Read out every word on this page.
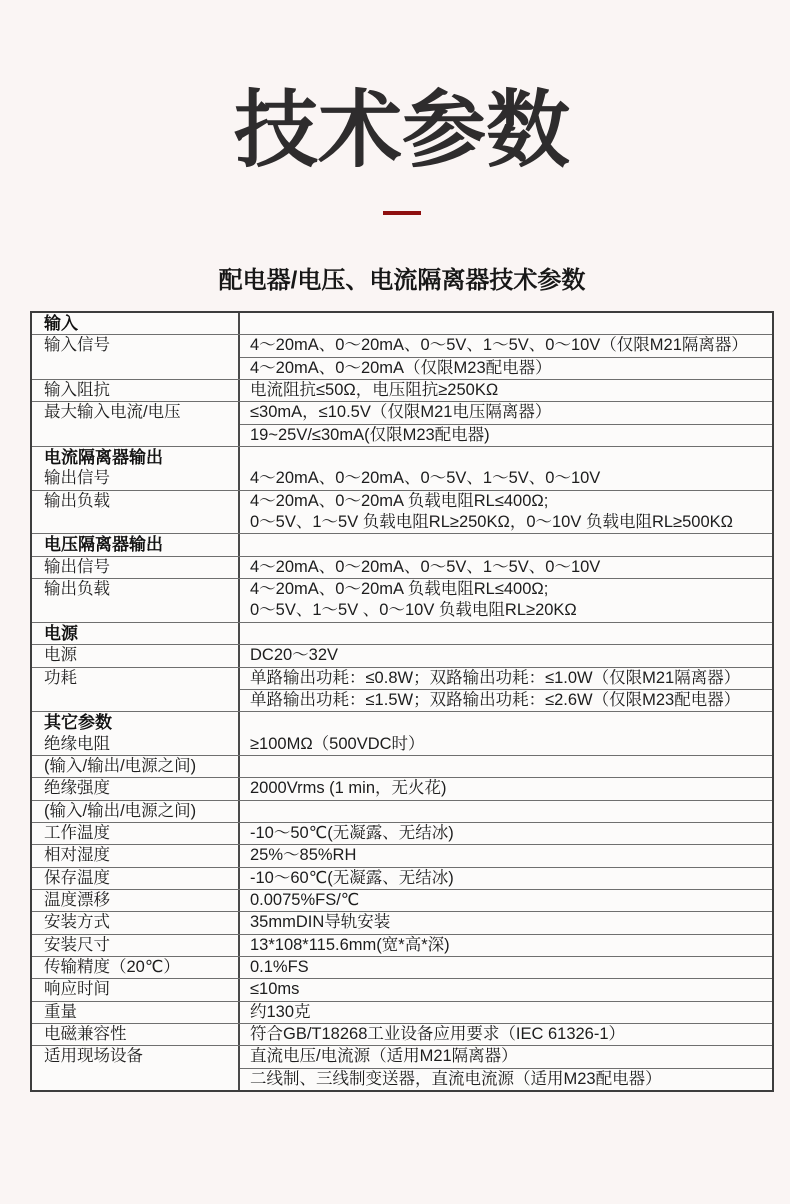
技术参数
配电器/电压、电流隔离器技术参数
输入
输入信号	4～20mA、0～20mA、0～5V、1～5V、0～10V（仅限M21隔离器）
4～20mA、0～20mA（仅限M23配电器）
输入阻抗	电流阻抗≤50Ω，电压阻抗≥250KΩ
最大输入电流/电压	≤30mA，≤10.5V（仅限M21电压隔离器）
19~25V/≤30mA(仅限M23配电器)
电流隔离器输出
输出信号	4～20mA、0～20mA、0～5V、1～5V、0～10V
输出负载	4～20mA、0～20mA 负载电阻RL≤400Ω;
0～5V、1～5V 负载电阻RL≥250KΩ，0～10V 负载电阻RL≥500KΩ
电压隔离器输出
输出信号	4～20mA、0～20mA、0～5V、1～5V、0～10V
输出负载	4～20mA、0～20mA 负载电阻RL≤400Ω;
0～5V、1～5V 、0～10V 负载电阻RL≥20KΩ
电源
电源	DC20～32V
功耗	单路输出功耗：≤0.8W；双路输出功耗：≤1.0W（仅限M21隔离器）
单路输出功耗：≤1.5W；双路输出功耗：≤2.6W（仅限M23配电器）
其它参数
绝缘电阻	≥100MΩ（500VDC时）
(输入/输出/电源之间)
绝缘强度	2000Vrms (1 min，无火花)
(输入/输出/电源之间)
工作温度	-10～50℃(无凝露、无结冰)
相对湿度	25%～85%RH
保存温度	-10～60℃(无凝露、无结冰)
温度漂移	0.0075%FS/℃
安装方式	35mmDIN导轨安装
安装尺寸	13*108*115.6mm(宽*高*深)
传输精度（20℃）	0.1%FS
响应时间	≤10ms
重量	约130克
电磁兼容性	符合GB/T18268工业设备应用要求（IEC 61326-1）
适用现场设备	直流电压/电流源（适用M21隔离器）
二线制、三线制变送器，直流电流源（适用M23配电器）
